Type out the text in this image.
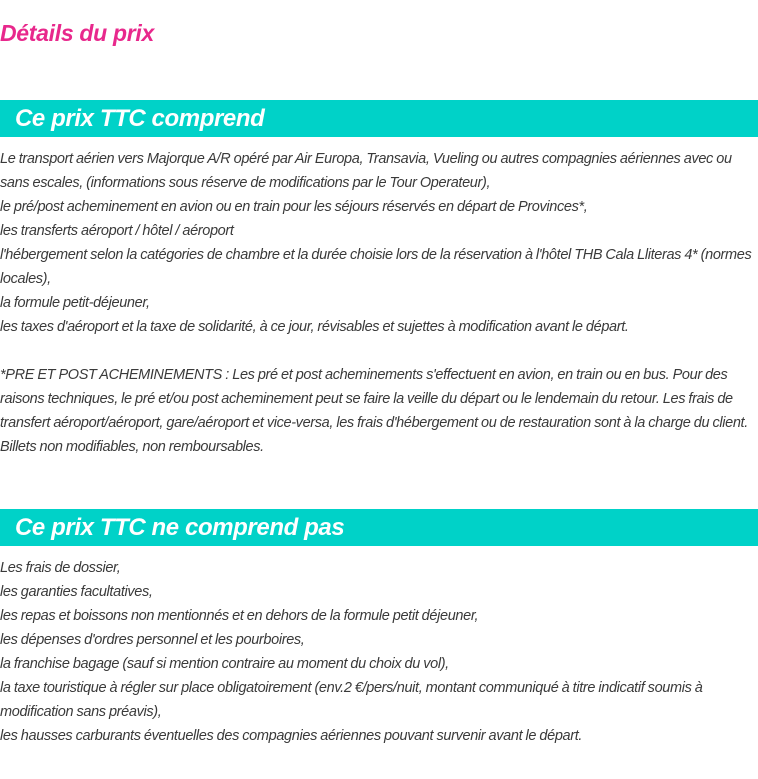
Détails du prix
Ce prix TTC comprend

Le transport aérien vers Majorque A/R opéré par Air Europa, Transavia, Vueling ou autres compagnies aériennes avec ou sans escales, (informations sous réserve de modifications par le Tour Operateur),

le pré/post acheminement en avion ou en train pour les séjours réservés en départ de Provinces*,

les transferts aéroport / hôtel / aéroport

l'hébergement selon la catégories de chambre et la durée choisie lors de la réservation à l'hôtel THB Cala Lliteras 4* (normes locales),

la formule petit-déjeuner,

les taxes d'aéroport et la taxe de solidarité, à ce jour, révisables et sujettes à modification avant le départ.

*PRE ET POST ACHEMINEMENTS : Les pré et post acheminements s'effectuent en avion, en train ou en bus. Pour des raisons techniques, le pré et/ou post acheminement peut se faire la veille du départ ou le lendemain du retour. Les frais de transfert aéroport/aéroport, gare/aéroport et vice-versa, les frais d'hébergement ou de restauration sont à la charge du client. Billets non modifiables, non remboursables.

Ce prix TTC ne comprend pas

Les frais de dossier,

les garanties facultatives,

les repas et boissons non mentionnés et en dehors de la formule petit déjeuner,

les dépenses d'ordres personnel et les pourboires,

la franchise bagage (sauf si mention contraire au moment du choix du vol),

la taxe touristique à régler sur place obligatoirement (env.2 €/pers/nuit, montant communiqué à titre indicatif soumis à modification sans préavis),

les hausses carburants éventuelles des compagnies aériennes pouvant survenir avant le départ.
